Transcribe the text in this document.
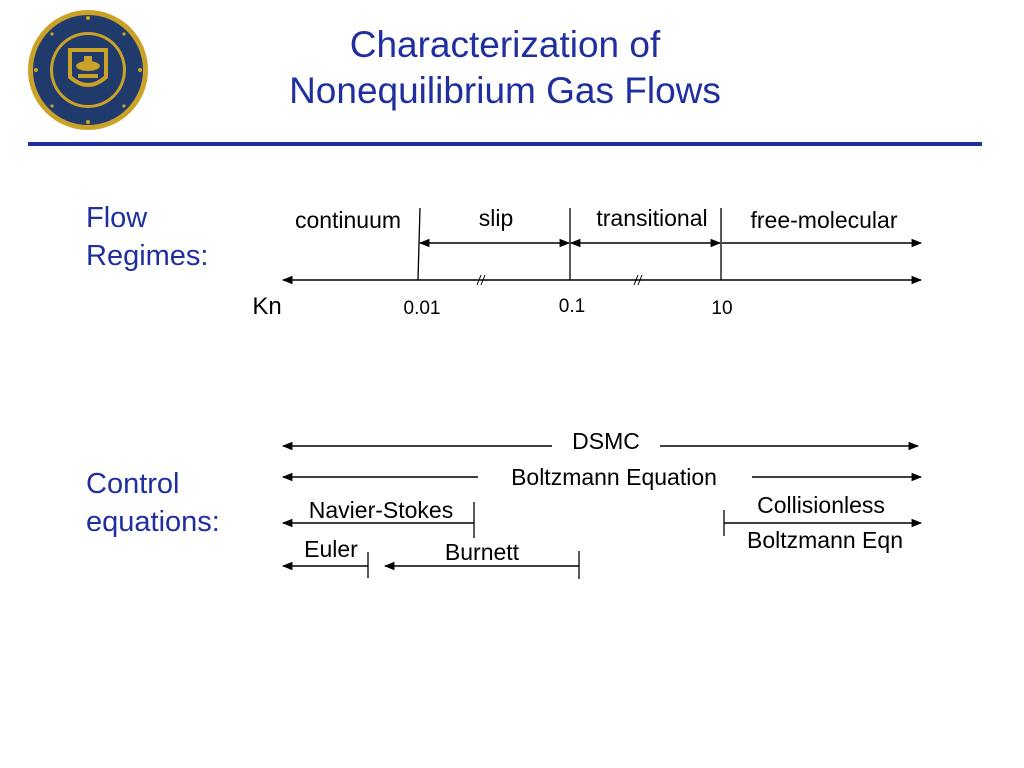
Characterization of
Nonequilibrium Gas Flows
Flow
Regimes:
Control
equations:
continuum	slip	transitional free-molecular
Kn	0.01	0.1	10
DSMC
Boltzmann Equation
Navier-Stokes
Euler	Burnett
Collisionless
Boltzmann Eqn
